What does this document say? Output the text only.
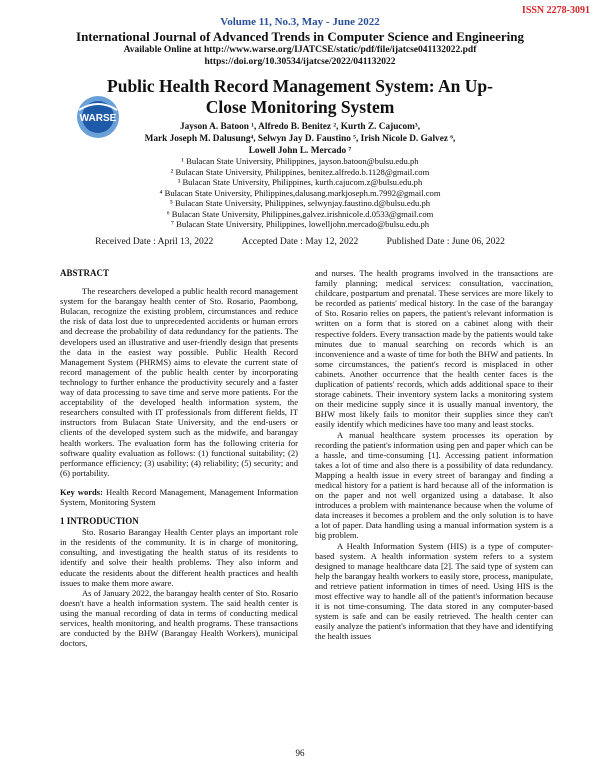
ISSN 2278-3091
Volume 11, No.3, May - June 2022
International Journal of Advanced Trends in Computer Science and Engineering
Available Online at http://www.warse.org/IJATCSE/static/pdf/file/ijatcse041132022.pdf
https://doi.org/10.30534/ijatcse/2022/041132022
WARSE
Public Health Record Management System: An Up-Close Monitoring System
Jayson A. Batoon ¹, Alfredo B. Benitez ², Kurth Z. Cajucom³,
Mark Joseph M. Dalusung⁴, Selwyn Jay D. Faustino ⁵, Irish Nicole D. Galvez ⁶,
Lowell John L. Mercado ⁷
¹ Bulacan State University, Philippines, jayson.batoon@bulsu.edu.ph
² Bulacan State University, Philippines, benitez.alfredo.b.1128@gmail.com
³ Bulacan State University, Philippines, kurth.cajucom.z@bulsu.edu.ph
⁴ Bulacan State University, Philippines,dalusang.markjoseph.m.7992@gmail.com
⁵ Bulacan State University, Philippines, selwynjay.faustino.d@bulsu.edu.ph
⁶ Bulacan State University, Philippines,galvez.irishnicole.d.0533@gmail.com
⁷ Bulacan State University, Philippines, lowelljohn.mercado@bulsu.edu.ph
Received Date : April 13, 2022	Accepted Date : May 12, 2022	Published Date : June 06, 2022

ABSTRACT

The researchers developed a public health record management system for the barangay health center of Sto. Rosario, Paombong, Bulacan, recognize the existing problem, circumstances and reduce the risk of data lost due to unprecedented accidents or human errors and decrease the probability of data redundancy for the patients. The developers used an illustrative and user-friendly design that presents the data in the easiest way possible. Public Health Record Management System (PHRMS) aims to elevate the current state of record management of the public health center by incorporating technology to further enhance the productivity securely and a faster way of data processing to save time and serve more patients. For the acceptability of the developed health information system, the researchers consulted with IT professionals from different fields, IT instructors from Bulacan State University, and the end-users or clients of the developed system such as the midwife, and barangay health workers. The evaluation form has the following criteria for software quality evaluation as follows: (1) functional suitability; (2) performance efficiency; (3) usability; (4) reliability; (5) security; and (6) portability.

Key words: Health Record Management, Management Information System, Monitoring System

1 INTRODUCTION

Sto. Rosario Barangay Health Center plays an important role in the residents of the community. It is in charge of monitoring, consulting, and investigating the health status of its residents to identify and solve their health problems. They also inform and educate the residents about the different health practices and health issues to make them more aware.

As of January 2022, the barangay health center of Sto. Rosario doesn't have a health information system. The said health center is using the manual recording of data in terms of conducting medical services, health monitoring, and health programs. These transactions are conducted by the BHW (Barangay Health Workers), municipal doctors,

and nurses. The health programs involved in the transactions are family planning; medical services: consultation, vaccination, childcare, postpartum and prenatal. These services are more likely to be recorded as patients' medical history. In the case of the barangay of Sto. Rosario relies on papers, the patient's relevant information is written on a form that is stored on a cabinet along with their respective folders. Every transaction made by the patients would take minutes due to manual searching on records which is an inconvenience and a waste of time for both the BHW and patients. In some circumstances, the patient's record is misplaced in other cabinets. Another occurrence that the health center faces is the duplication of patients' records, which adds additional space to their storage cabinets. Their inventory system lacks a monitoring system on their medicine supply since it is usually manual inventory, the BHW most likely fails to monitor their supplies since they can't easily identify which medicines have too many and least stocks.

A manual healthcare system processes its operation by recording the patient's information using pen and paper which can be a hassle, and time-consuming [1]. Accessing patient information takes a lot of time and also there is a possibility of data redundancy. Mapping a health issue in every street of barangay and finding a medical history for a patient is hard because all of the information is on the paper and not well organized using a database. It also introduces a problem with maintenance because when the volume of data increases it becomes a problem and the only solution is to have a lot of paper. Data handling using a manual information system is a big problem.

A Health Information System (HIS) is a type of computer-based system. A health information system refers to a system designed to manage healthcare data [2]. The said type of system can help the barangay health workers to easily store, process, manipulate, and retrieve patient information in times of need. Using HIS is the most effective way to handle all of the patient's information because it is not time-consuming. The data stored in any computer-based system is safe and can be easily retrieved. The health center can easily analyze the patient's information that they have and identifying the health issues

96
